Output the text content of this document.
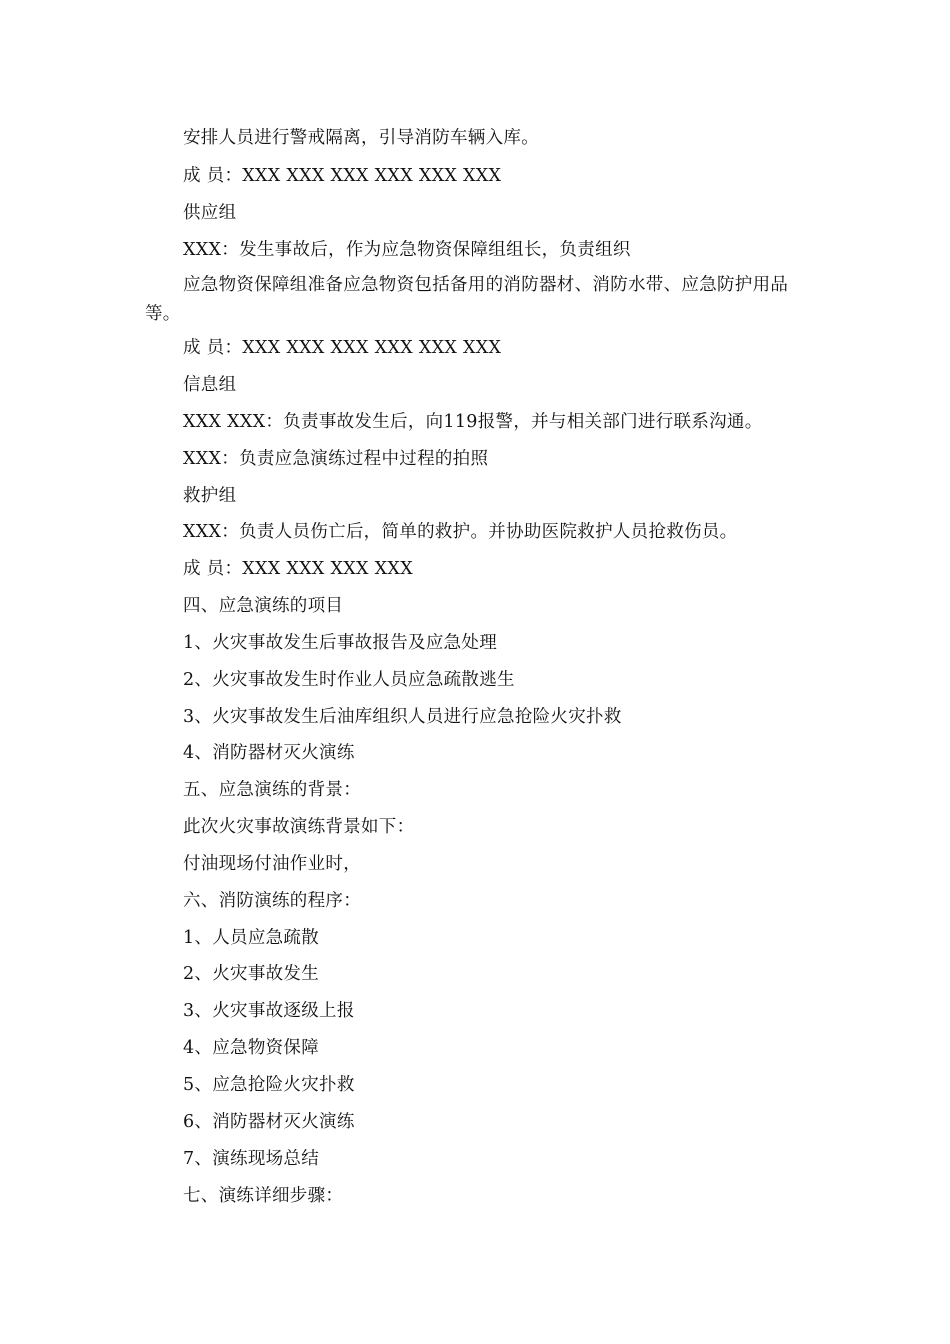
安排人员进行警戒隔离，引导消防车辆入库。
成 员：XXX XXX XXX XXX XXX XXX
供应组
XXX：发生事故后，作为应急物资保障组组长，负责组织
应急物资保障组准备应急物资包括备用的消防器材、消防水带、应急防护用品等。
成 员：XXX XXX XXX XXX XXX XXX
信息组
XXX XXX：负责事故发生后，向119报警，并与相关部门进行联系沟通。
XXX：负责应急演练过程中过程的拍照
救护组
XXX：负责人员伤亡后，简单的救护。并协助医院救护人员抢救伤员。
成 员：XXX XXX XXX XXX
四、应急演练的项目
1、火灾事故发生后事故报告及应急处理
2、火灾事故发生时作业人员应急疏散逃生
3、火灾事故发生后油库组织人员进行应急抢险火灾扑救
4、消防器材灭火演练
五、应急演练的背景：
此次火灾事故演练背景如下：
付油现场付油作业时，
六、消防演练的程序：
1、人员应急疏散
2、火灾事故发生
3、火灾事故逐级上报
4、应急物资保障
5、应急抢险火灾扑救
6、消防器材灭火演练
7、演练现场总结
七、演练详细步骤：
